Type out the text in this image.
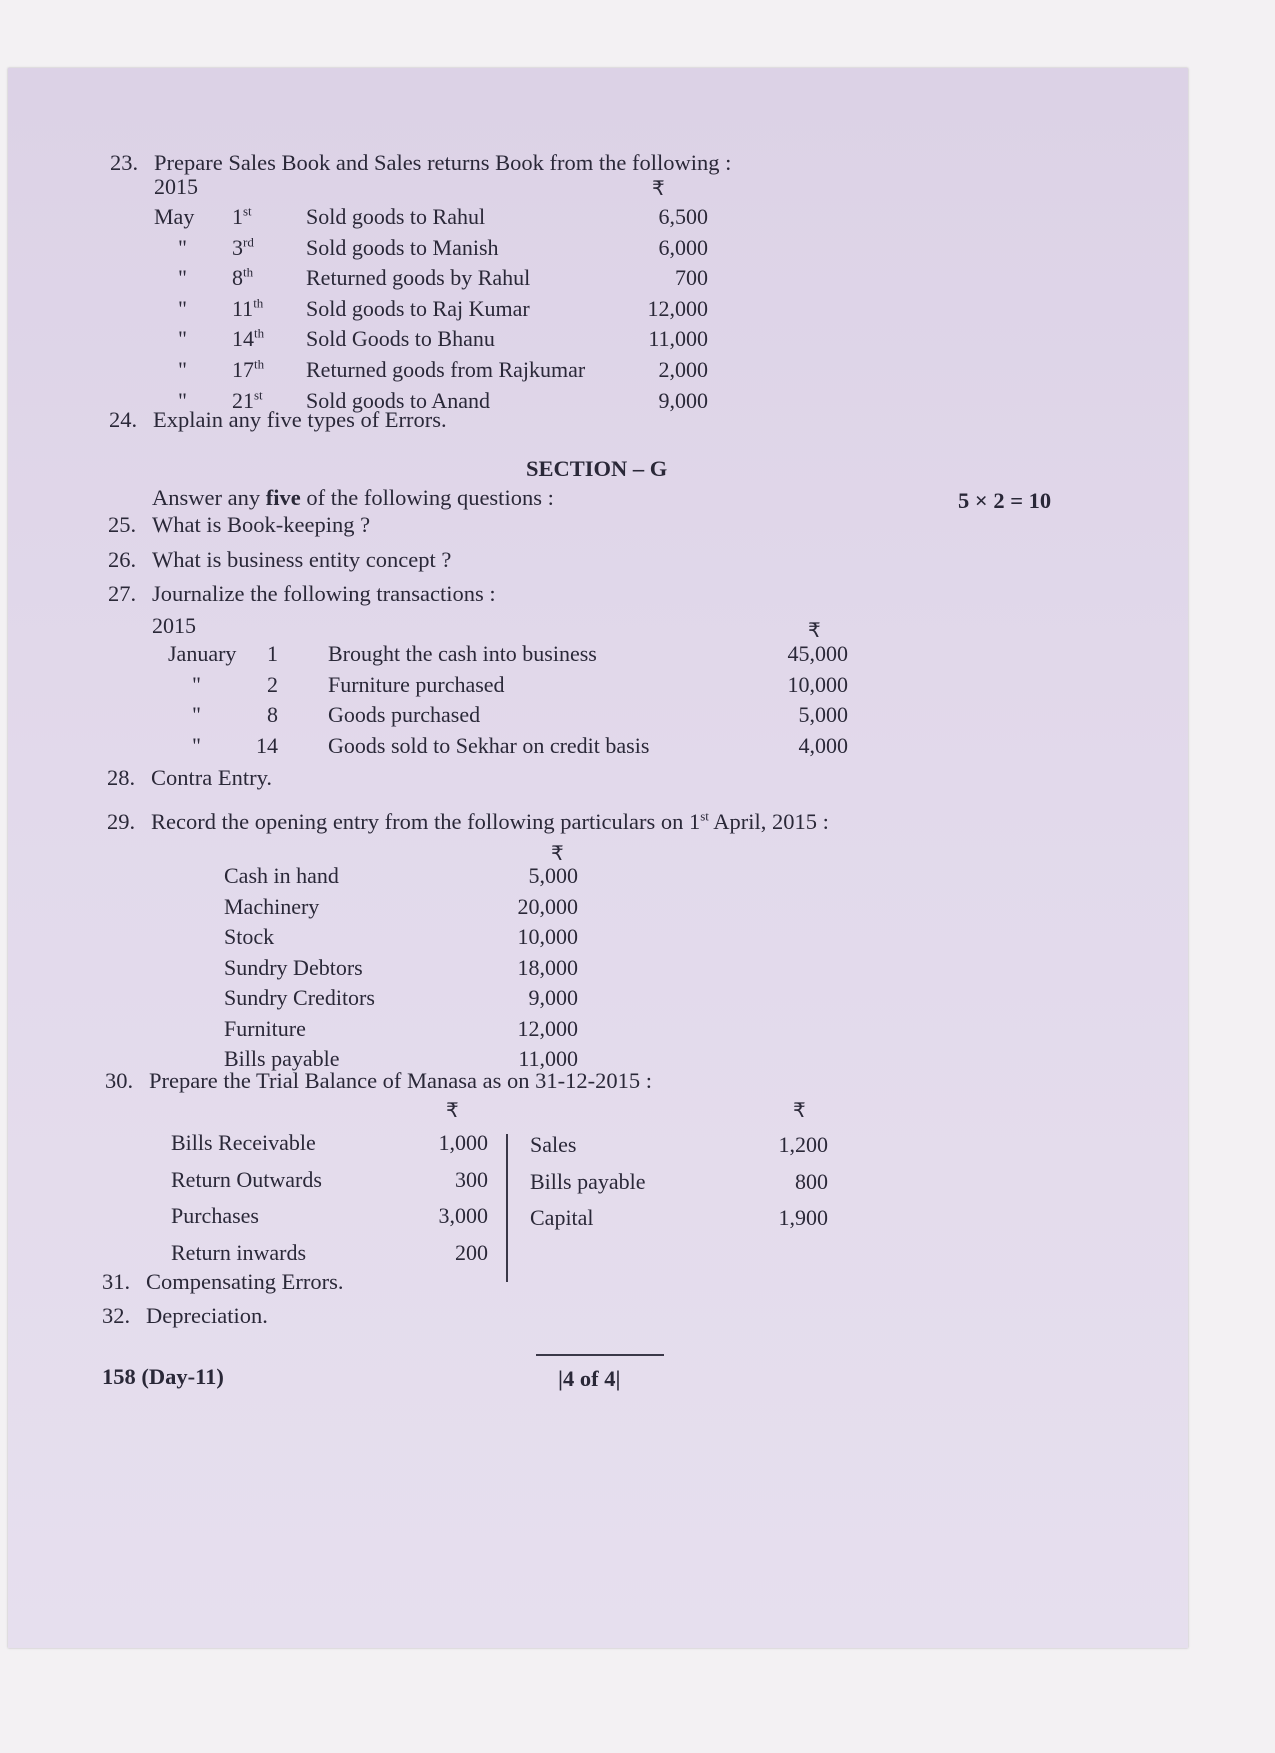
23. Prepare Sales Book and Sales returns Book from the following :
2015	₹
May 1st Sold goods to Rahul	6,500
" 3rd Sold goods to Manish	6,000
" 8th Returned goods by Rahul	700
" 11th Sold goods to Raj Kumar	12,000
" 14th Sold Goods to Bhanu	11,000
" 17th Returned goods from Rajkumar	2,000
" 21st Sold goods to Anand	9,000
24. Explain any five types of Errors.
SECTION – G
Answer any five of the following questions :	5 × 2 = 10
25. What is Book-keeping ?
26. What is business entity concept ?
27. Journalize the following transactions :
2015	₹
January	1 Brought the cash into business	45,000
"	2 Furniture purchased	10,000
"	8 Goods purchased	5,000
"	14 Goods sold to Sekhar on credit basis	4,000
28. Contra Entry.
29. Record the opening entry from the following particulars on 1st April, 2015 :
₹
Cash in hand	5,000
Machinery	20,000
Stock	10,000
Sundry Debtors	18,000
Sundry Creditors	9,000
Furniture	12,000
Bills payable	11,000
30. Prepare the Trial Balance of Manasa as on 31-12-2015 :
₹	₹
Bills Receivable	1,000
Return Outwards	300
Purchases	3,000
Return inwards	200
Sales	1,200
Bills payable	800
Capital	1,900
31. Compensating Errors.
32. Depreciation.
158 (Day-11)	|4 of 4|
